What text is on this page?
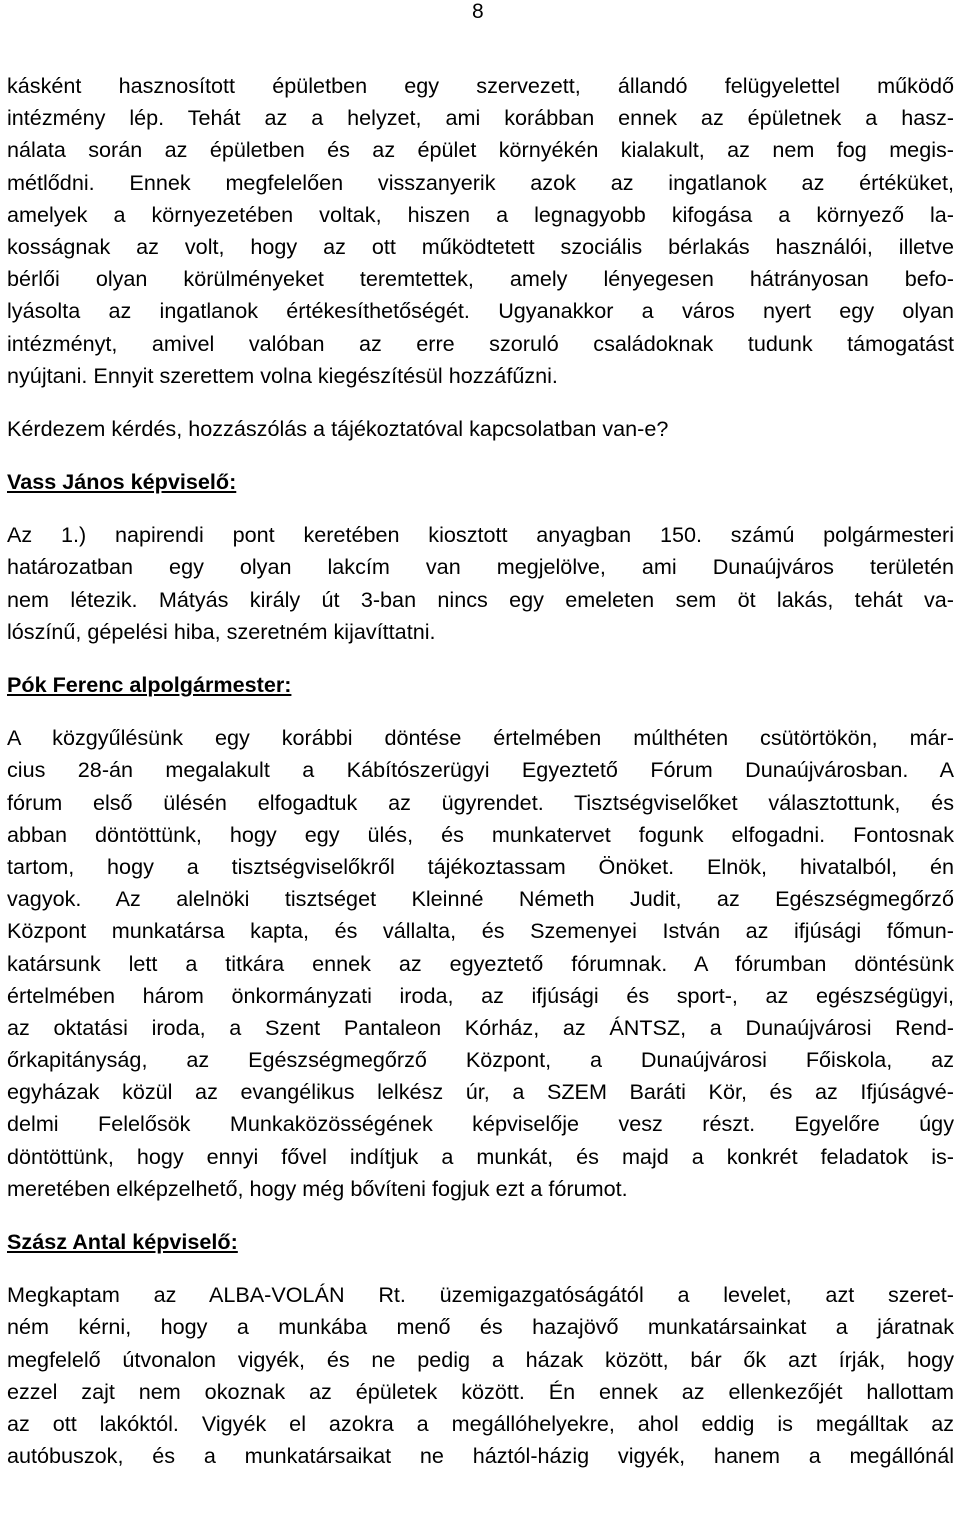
8
kásként hasznosított épületben egy szervezett, állandó felügyelettel működő
intézmény lép. Tehát az a helyzet, ami korábban ennek az épületnek a hasz-
nálata során az épületben és az épület környékén kialakult, az nem fog megis-
métlődni. Ennek megfelelően visszanyerik azok az ingatlanok az értéküket,
amelyek a környezetében voltak, hiszen a legnagyobb kifogása a környező la-
kosságnak az volt, hogy az ott működtetett szociális bérlakás használói, illetve
bérlői olyan körülményeket teremtettek, amely lényegesen hátrányosan befo-
lyásolta az ingatlanok értékesíthetőségét. Ugyanakkor a város nyert egy olyan
intézményt, amivel valóban az erre szoruló családoknak tudunk támogatást
nyújtani. Ennyit szerettem volna kiegészítésül hozzáfűzni.
Kérdezem kérdés, hozzászólás a tájékoztatóval kapcsolatban van-e?

Vass János képviselő:

Az 1.) napirendi pont keretében kiosztott anyagban 150. számú polgármesteri
határozatban egy olyan lakcím van megjelölve, ami Dunaújváros területén
nem létezik. Mátyás király út 3-ban nincs egy emeleten sem öt lakás, tehát va-
lószínű, gépelési hiba, szeretném kijavíttatni.

Pók Ferenc alpolgármester:

A közgyűlésünk egy korábbi döntése értelmében múlthéten csütörtökön, már-
cius 28-án megalakult a Kábítószerügyi Egyeztető Fórum Dunaújvárosban. A
fórum első ülésén elfogadtuk az ügyrendet. Tisztségviselőket választottunk, és
abban döntöttünk, hogy egy ülés, és munkatervet fogunk elfogadni. Fontosnak
tartom, hogy a tisztségviselőkről tájékoztassam Önöket. Elnök, hivatalból, én
vagyok. Az alelnöki tisztséget Kleinné Németh Judit, az Egészségmegőrző
Központ munkatársa kapta, és vállalta, és Szemenyei István az ifjúsági főmun-
katársunk lett a titkára ennek az egyeztető fórumnak. A fórumban döntésünk
értelmében három önkormányzati iroda, az ifjúsági és sport-, az egészségügyi,
az oktatási iroda, a Szent Pantaleon Kórház, az ÁNTSZ, a Dunaújvárosi Rend-
őrkapitányság, az Egészségmegőrző Központ, a Dunaújvárosi Főiskola, az
egyházak közül az evangélikus lelkész úr, a SZEM Baráti Kör, és az Ifjúságvé-
delmi Felelősök Munkaközösségének képviselője vesz részt. Egyelőre úgy
döntöttünk, hogy ennyi fővel indítjuk a munkát, és majd a konkrét feladatok is-
meretében elképzelhető, hogy még bővíteni fogjuk ezt a fórumot.

Szász Antal képviselő:

Megkaptam az ALBA-VOLÁN Rt. üzemigazgatóságától a levelet, azt szeret-
ném kérni, hogy a munkába menő és hazajövő munkatársainkat a járatnak
megfelelő útvonalon vigyék, és ne pedig a házak között, bár ők azt írják, hogy
ezzel zajt nem okoznak az épületek között. Én ennek az ellenkezőjét hallottam
az ott lakóktól. Vigyék el azokra a megállóhelyekre, ahol eddig is megálltak az
autóbuszok, és a munkatársaikat ne háztól-házig vigyék, hanem a megállónál
